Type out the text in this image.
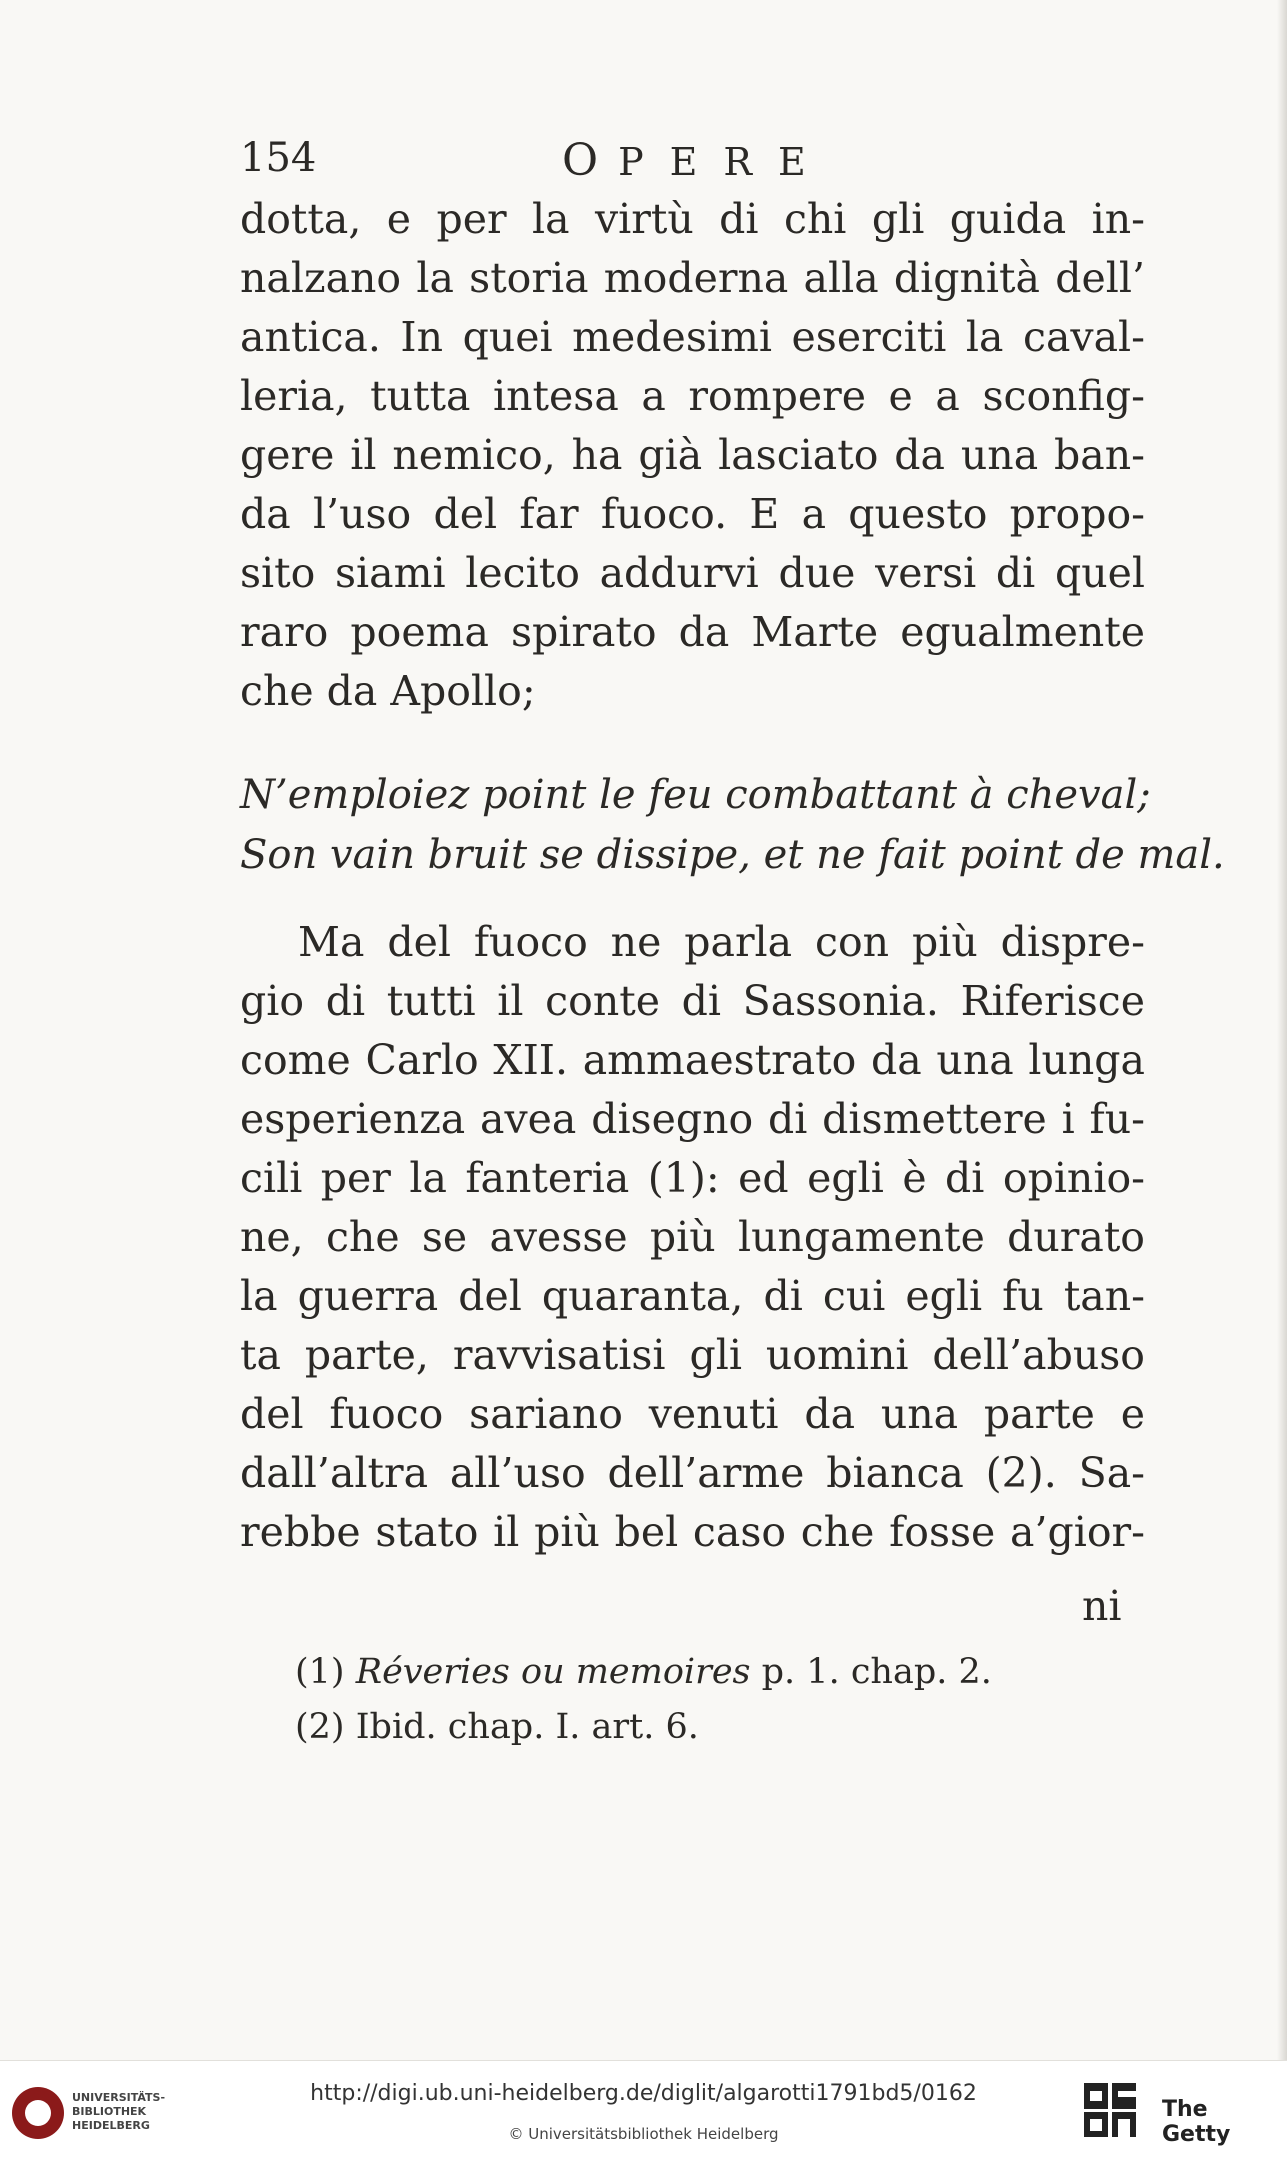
154	OPERE
dotta, e per la virtù di chi gli guida in-
nalzano la storia moderna alla dignità dell’
antica. In quei medesimi eserciti la caval-
leria, tutta intesa a rompere e a sconfig-
gere il nemico, ha già lasciato da una ban-
da l’uso del far fuoco. E a questo propo-
sito siami lecito addurvi due versi di quel
raro poema spirato da Marte egualmente
che da Apollo;
N’emploiez point le feu combattant à cheval;
Son vain bruit se dissipe, et ne fait point de mal.
Ma del fuoco ne parla con più dispre-
gio di tutti il conte di Sassonia. Riferisce
come Carlo XII. ammaestrato da una lunga
esperienza avea disegno di dismettere i fu-
cili per la fanteria (1): ed egli è di opinio-
ne, che se avesse più lungamente durato
la guerra del quaranta, di cui egli fu tan-
ta parte, ravvisatisi gli uomini dell’abuso
del fuoco sariano venuti da una parte e
dall’altra all’uso dell’arme bianca (2). Sa-
rebbe stato il più bel caso che fosse a’gior-
ni
(1) Réveries ou memoires p. 1. chap. 2.
(2) Ibid. chap. I. art. 6.
UNIVERSITÄTS-
BIBLIOTHEK
HEIDELBERG
http://digi.ub.uni-heidelberg.de/diglit/algarotti1791bd5/0162
© Universitätsbibliothek Heidelberg
The Getty
